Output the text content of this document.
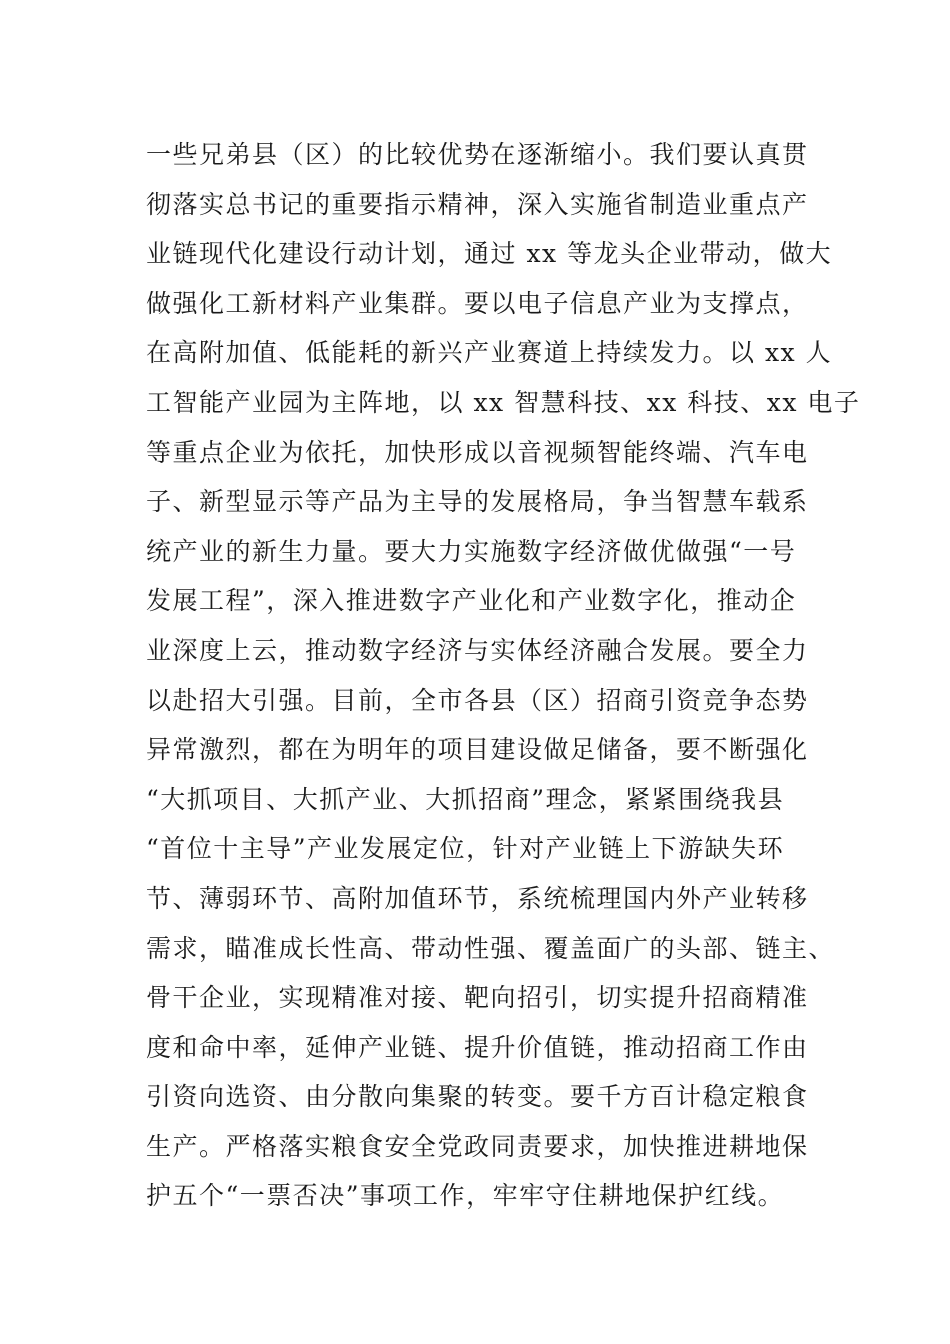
一些兄弟县（区）的比较优势在逐渐缩小。我们要认真贯
彻落实总书记的重要指示精神，深入实施省制造业重点产
业链现代化建设行动计划，通过 xx 等龙头企业带动，做大
做强化工新材料产业集群。要以电子信息产业为支撑点，
在高附加值、低能耗的新兴产业赛道上持续发力。以 xx 人
工智能产业园为主阵地，以 xx 智慧科技、xx 科技、xx 电子
等重点企业为依托，加快形成以音视频智能终端、汽车电
子、新型显示等产品为主导的发展格局，争当智慧车载系
统产业的新生力量。要大力实施数字经济做优做强“一号
发展工程”，深入推进数字产业化和产业数字化，推动企
业深度上云，推动数字经济与实体经济融合发展。要全力
以赴招大引强。目前，全市各县（区）招商引资竞争态势
异常激烈，都在为明年的项目建设做足储备，要不断强化
“大抓项目、大抓产业、大抓招商”理念，紧紧围绕我县
“首位十主导”产业发展定位，针对产业链上下游缺失环
节、薄弱环节、高附加值环节，系统梳理国内外产业转移
需求，瞄准成长性高、带动性强、覆盖面广的头部、链主、
骨干企业，实现精准对接、靶向招引，切实提升招商精准
度和命中率，延伸产业链、提升价值链，推动招商工作由
引资向选资、由分散向集聚的转变。要千方百计稳定粮食
生产。严格落实粮食安全党政同责要求，加快推进耕地保
护五个“一票否决”事项工作，牢牢守住耕地保护红线。
